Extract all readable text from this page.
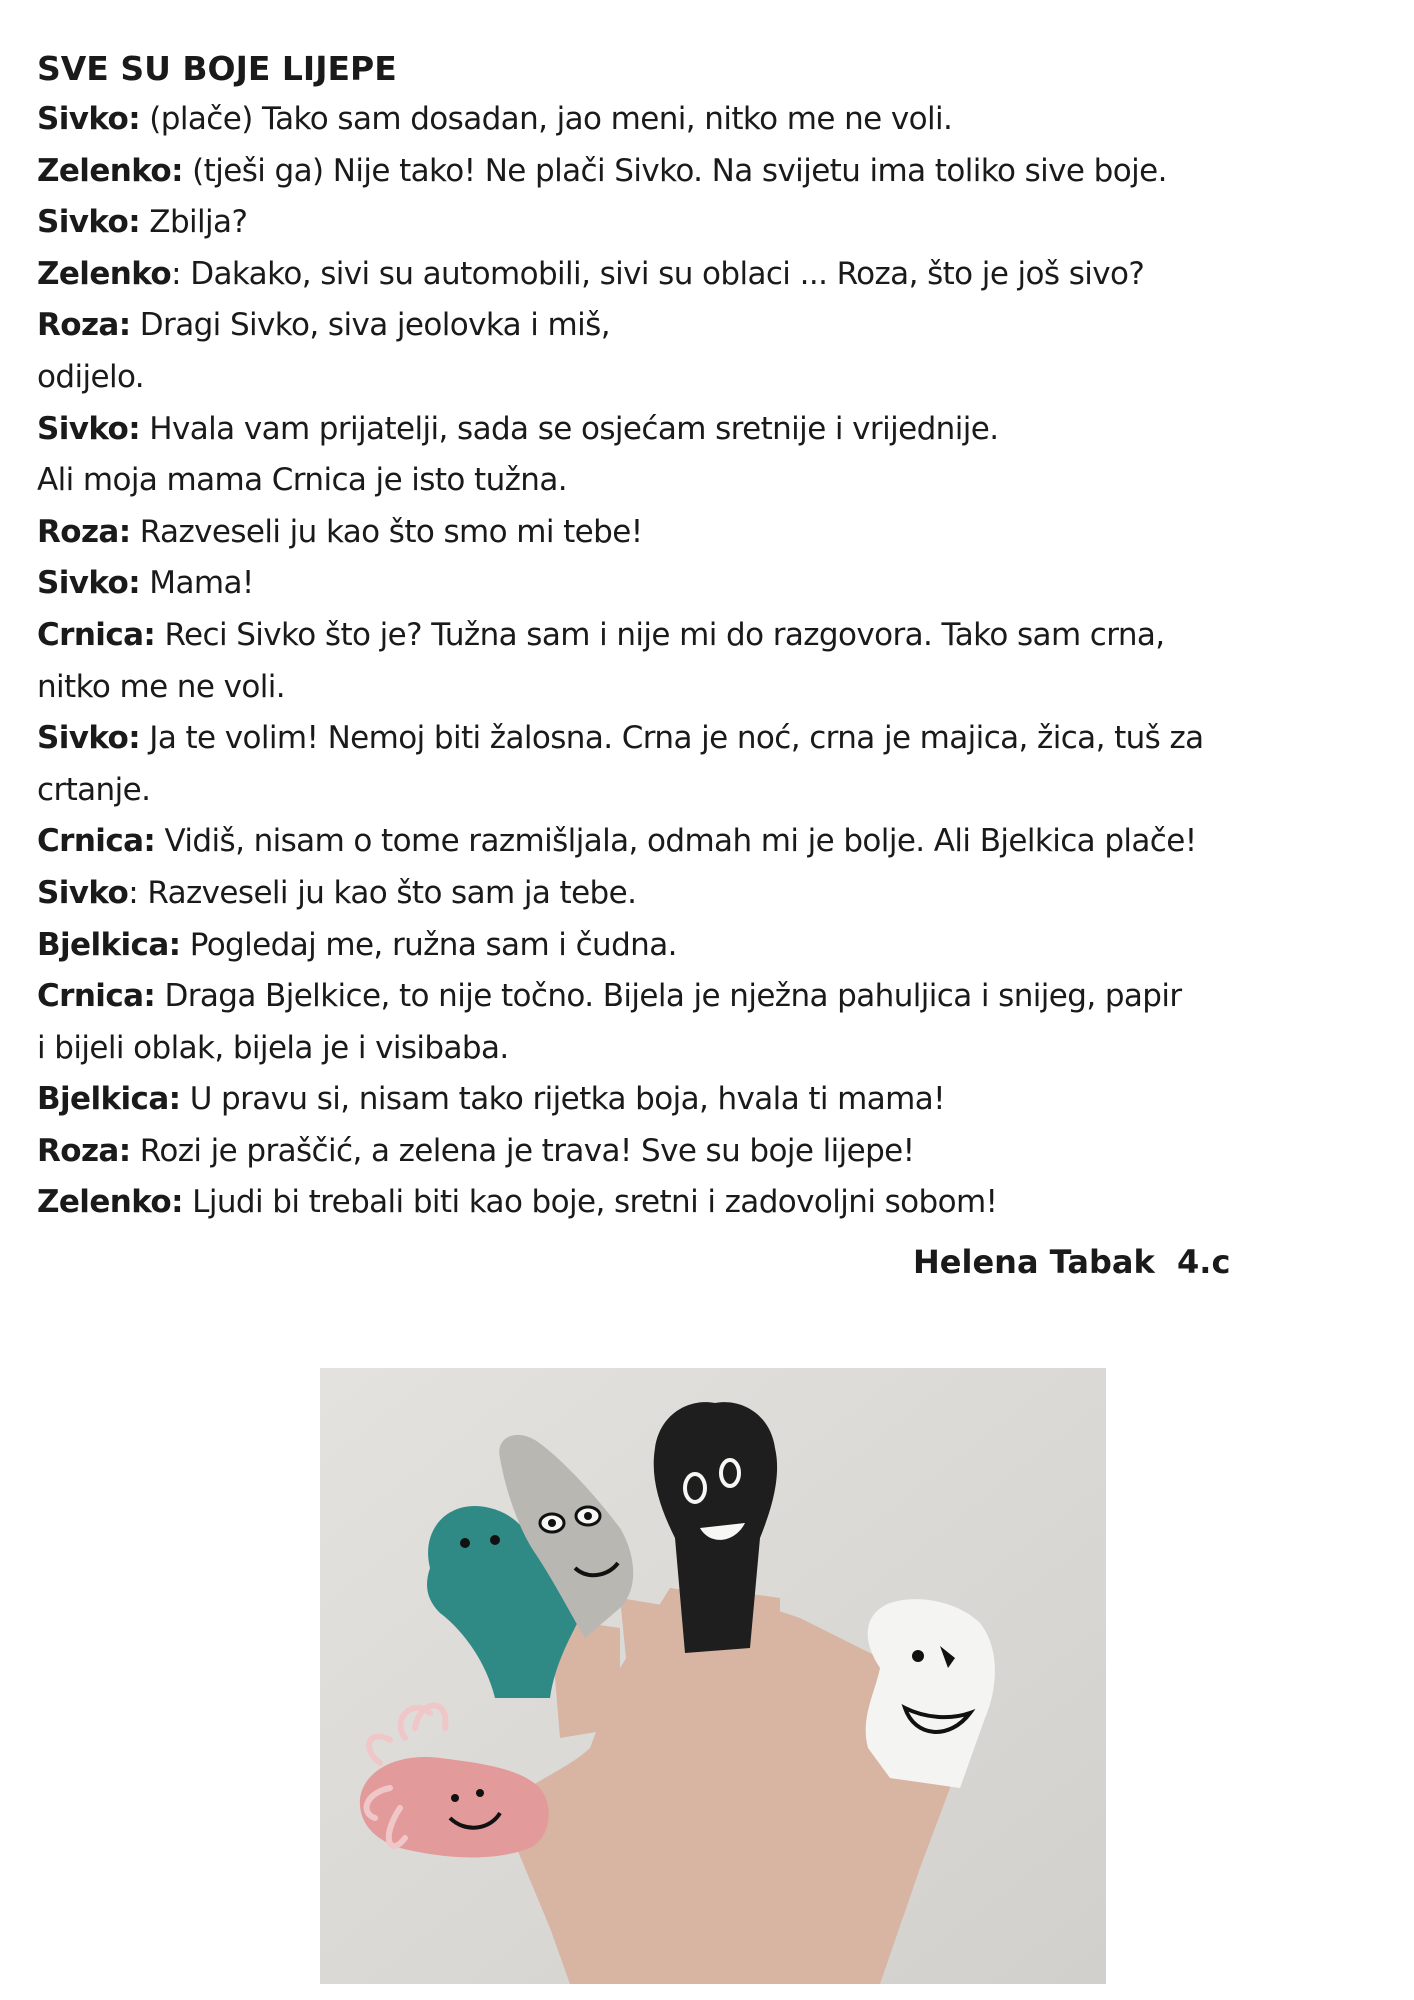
SVE SU BOJE LIJEPE

Sivko: (plače) Tako sam dosadan, jao meni, nitko me ne voli.

Zelenko: (tješi ga) Nije tako! Ne plači Sivko. Na svijetu ima toliko sive boje.

Sivko: Zbilja?

Zelenko: Dakako, sivi su automobili, sivi su oblaci ... Roza, što je još sivo?

Roza: Dragi Sivko, siva jeolovka i miš,

odijelo.

Sivko: Hvala vam prijatelji, sada se osjećam sretnije i vrijednije.

Ali moja mama Crnica je isto tužna.

Roza: Razveseli ju kao što smo mi tebe!

Sivko: Mama!

Crnica: Reci Sivko što je? Tužna sam i nije mi do razgovora. Tako sam crna,

nitko me ne voli.

Sivko: Ja te volim! Nemoj biti žalosna. Crna je noć, crna je majica, žica, tuš za

crtanje.

Crnica: Vidiš, nisam o tome razmišljala, odmah mi je bolje. Ali Bjelkica plače!

Sivko: Razveseli ju kao što sam ja tebe.

Bjelkica: Pogledaj me, ružna sam i čudna.

Crnica: Draga Bjelkice, to nije točno. Bijela je nježna pahuljica i snijeg, papir

i bijeli oblak, bijela je i visibaba.

Bjelkica: U pravu si, nisam tako rijetka boja, hvala ti mama!

Roza: Rozi je praščić, a zelena je trava! Sve su boje lijepe!

Zelenko: Ljudi bi trebali biti kao boje, sretni i zadovoljni sobom!

Helena Tabak  4.c
